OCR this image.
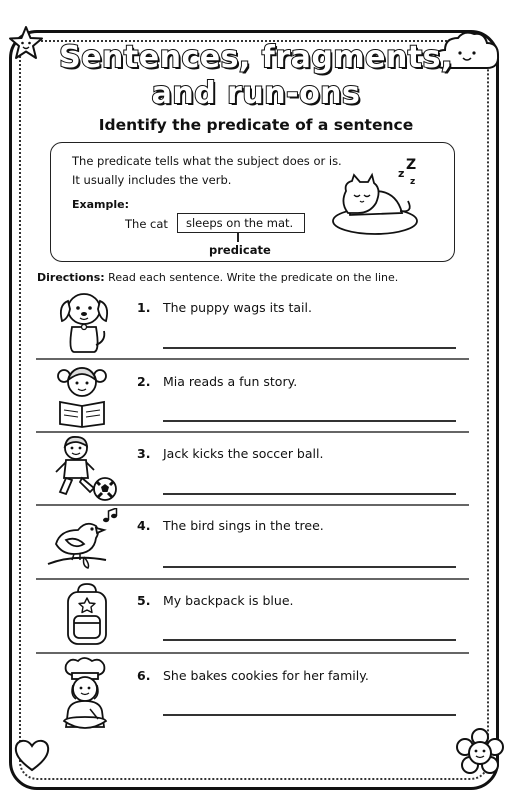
Sentences, fragments,
and run-ons
Identify the predicate of a sentence
The predicate tells what the subject does or is.
It usually includes the verb.
Example:
The cat	sleeps on the mat.
predicate
Z
z
z
Directions: Read each sentence. Write the predicate on the line.
1. The puppy wags its tail.
2. Mia reads a fun story.
3. Jack kicks the soccer ball.
4. The bird sings in the tree.
5. My backpack is blue.
6. She bakes cookies for her family.
